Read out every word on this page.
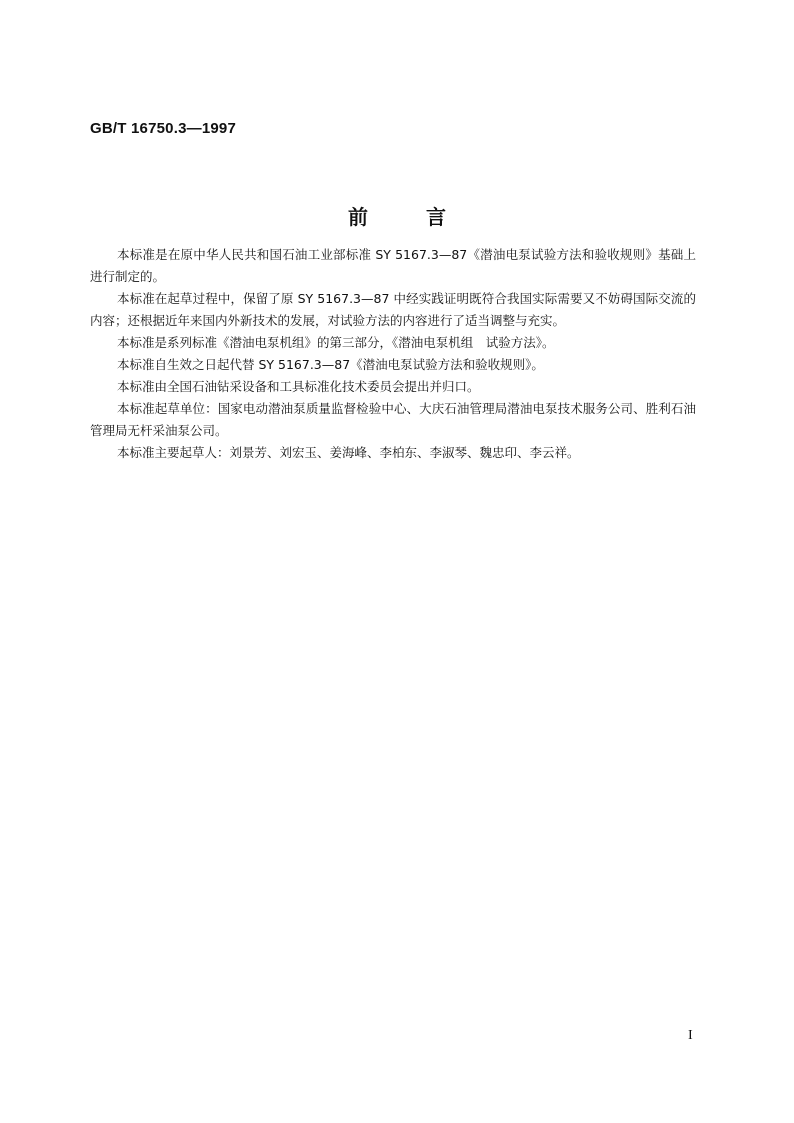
GB/T 16750.3—1997
前	言

本标准是在原中华人民共和国石油工业部标准 SY 5167.3—87《潜油电泵试验方法和验收规则》基础上进行制定的。

本标准在起草过程中，保留了原 SY 5167.3—87 中经实践证明既符合我国实际需要又不妨碍国际交流的内容；还根据近年来国内外新技术的发展，对试验方法的内容进行了适当调整与充实。

本标准是系列标准《潜油电泵机组》的第三部分，《潜油电泵机组　试验方法》。

本标准自生效之日起代替 SY 5167.3—87《潜油电泵试验方法和验收规则》。

本标准由全国石油钻采设备和工具标准化技术委员会提出并归口。

本标准起草单位：国家电动潜油泵质量监督检验中心、大庆石油管理局潜油电泵技术服务公司、胜利石油管理局无杆采油泵公司。

本标准主要起草人：刘景芳、刘宏玉、姜海峰、李柏东、李淑琴、魏忠印、李云祥。

I
